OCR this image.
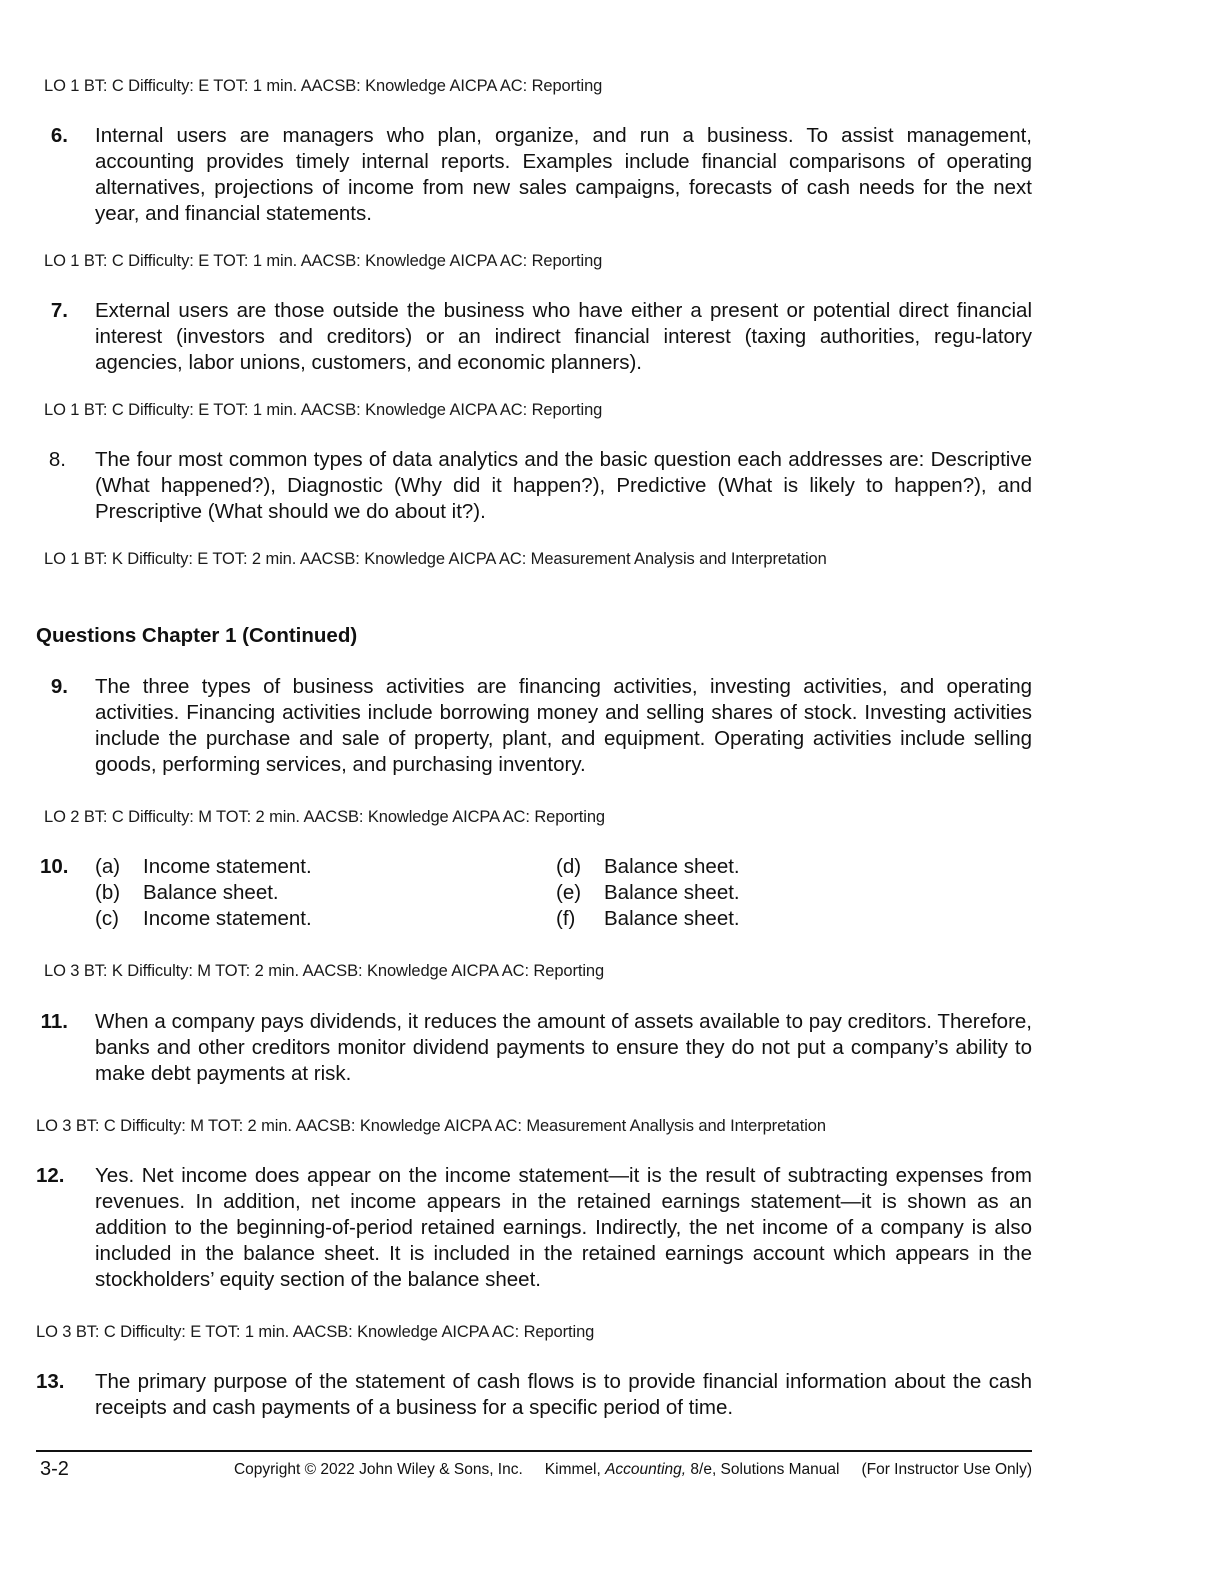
LO 1 BT: C Difficulty: E TOT: 1 min. AACSB: Knowledge AICPA AC: Reporting
6. Internal users are managers who plan, organize, and run a business. To assist management, accounting provides timely internal reports. Examples include financial comparisons of operating alternatives, projections of income from new sales campaigns, forecasts of cash needs for the next year, and financial statements.
LO 1 BT: C Difficulty: E TOT: 1 min. AACSB: Knowledge AICPA AC: Reporting
7. External users are those outside the business who have either a present or potential direct financial interest (investors and creditors) or an indirect financial interest (taxing authorities, regu-latory agencies, labor unions, customers, and economic planners).
LO 1 BT: C Difficulty: E TOT: 1 min. AACSB: Knowledge AICPA AC: Reporting
8. The four most common types of data analytics and the basic question each addresses are: Descriptive (What happened?), Diagnostic (Why did it happen?), Predictive (What is likely to happen?), and Prescriptive (What should we do about it?).
LO 1 BT: K Difficulty: E TOT: 2 min. AACSB: Knowledge AICPA AC: Measurement Analysis and Interpretation
Questions Chapter 1 (Continued)
9. The three types of business activities are financing activities, investing activities, and operating activities. Financing activities include borrowing money and selling shares of stock. Investing activities include the purchase and sale of property, plant, and equipment. Operating activities include selling goods, performing services, and purchasing inventory.
LO 2 BT: C Difficulty: M TOT: 2 min. AACSB: Knowledge AICPA AC: Reporting
10. (a) Income statement.
(b) Balance sheet.
(c) Income statement.
(d) Balance sheet.
(e) Balance sheet.
(f) Balance sheet.
LO 3 BT: K Difficulty: M TOT: 2 min. AACSB: Knowledge AICPA AC: Reporting
11. When a company pays dividends, it reduces the amount of assets available to pay creditors. Therefore, banks and other creditors monitor dividend payments to ensure they do not put a company’s ability to make debt payments at risk.
LO 3 BT: C Difficulty: M TOT: 2 min. AACSB: Knowledge AICPA AC: Measurement Anallysis and Interpretation
12. Yes. Net income does appear on the income statement—it is the result of subtracting expenses from revenues. In addition, net income appears in the retained earnings statement—it is shown as an addition to the beginning-of-period retained earnings. Indirectly, the net income of a company is also included in the balance sheet. It is included in the retained earnings account which appears in the stockholders’ equity section of the balance sheet.
LO 3 BT: C Difficulty: E TOT: 1 min. AACSB: Knowledge AICPA AC: Reporting
13. The primary purpose of the statement of cash flows is to provide financial information about the cash receipts and cash payments of a business for a specific period of time.
3-2	Copyright © 2022 John Wiley & Sons, Inc. Kimmel, Accounting, 8/e, Solutions Manual (For Instructor Use Only)
